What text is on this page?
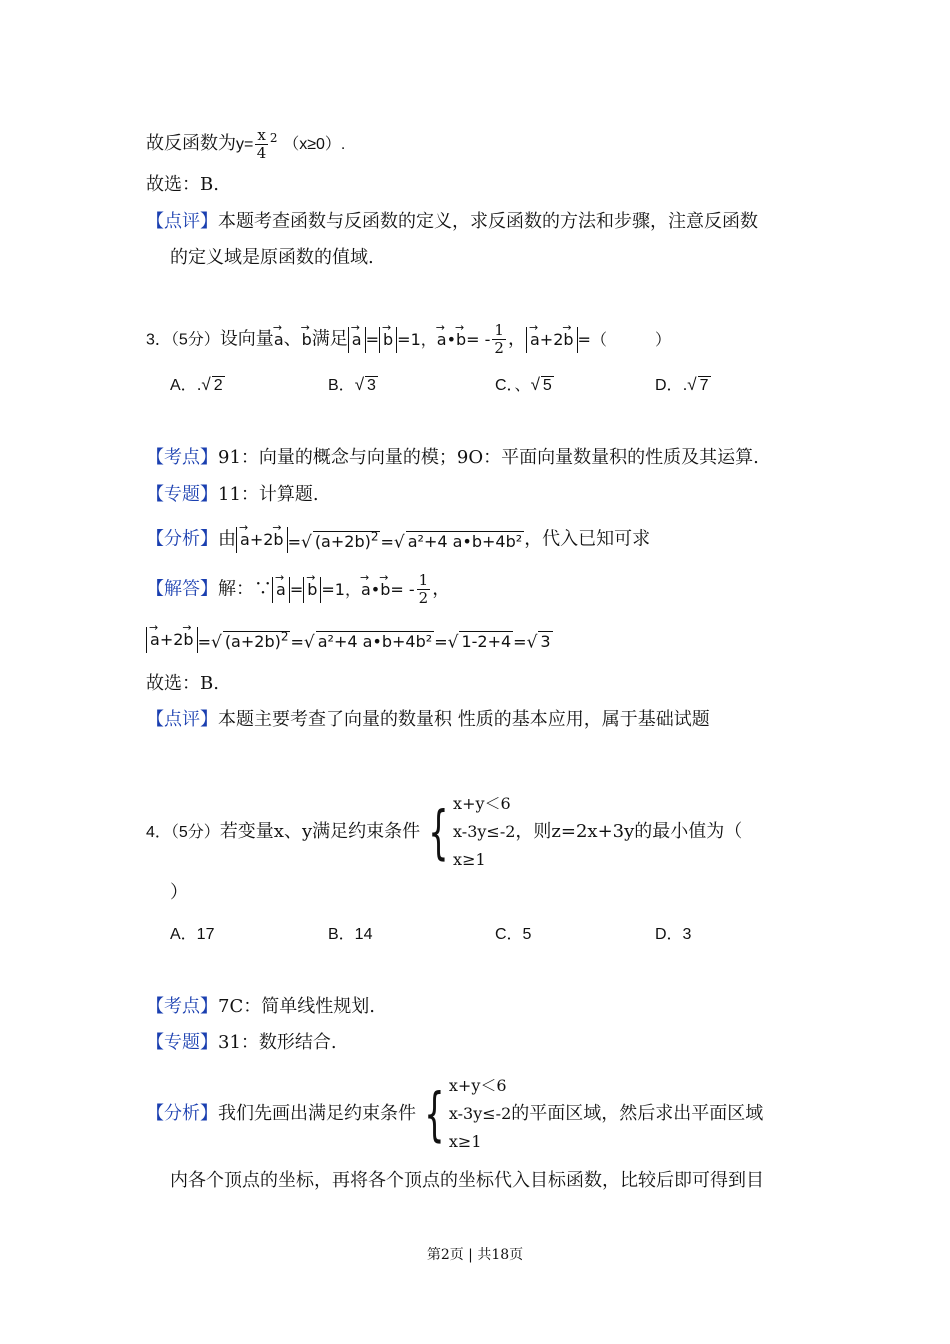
故反函数为$y= \frac{x}{4} ^2$ （x≥0）.
故选：B.
【点评】本题考查函数与反函数的定义，求反函数的方法和步骤，注意反函数
的定义域是原函数的值域.
3．（5分）设向量→ a、→ b满足 → a = → b =1，→ a•→ $b= - \frac{1}{2}$ ， → a+2→ b =（　　　）
A．.√ 2	B．√ 3	C．、√ 5	D．.√ 7
【考点】91：向量的概念与向量的模；9O：平面向量数量积的性质及其运算.
【专题】11：计算题.
【分析】由 → a+2→ b =√ $(a+2b)^2$ =√ a²+4 a•b+4b² ，代入已知可求
【解答】解：∵ → a = → b =1，→ a•→ $b= - \frac{1}{2}$ ，
→ a+2→ b =√ $(a+2b)^2$ =√ a²+4 a•b+4b² =√ 1-2+4 =√ 3
故选：B.
【点评】本题主要考查了向量的数量积 性质的基本应用，属于基础试题
4．（5分）若变量x、y满足约束条件 { x+y＜6
x-3y≤-2
x≥1
，则z=2x+3y的最小值为（
）
A．17	B．14	C．5	D．3
【考点】7C：简单线性规划.
【专题】31：数形结合.
【分析】我们先画出满足约束条件 { x+y＜6
x-3y≤-2
x≥1
的平面区域，然后求出平面区域
内各个顶点的坐标，再将各个顶点的坐标代入目标函数，比较后即可得到目
第2页 | 共18页
